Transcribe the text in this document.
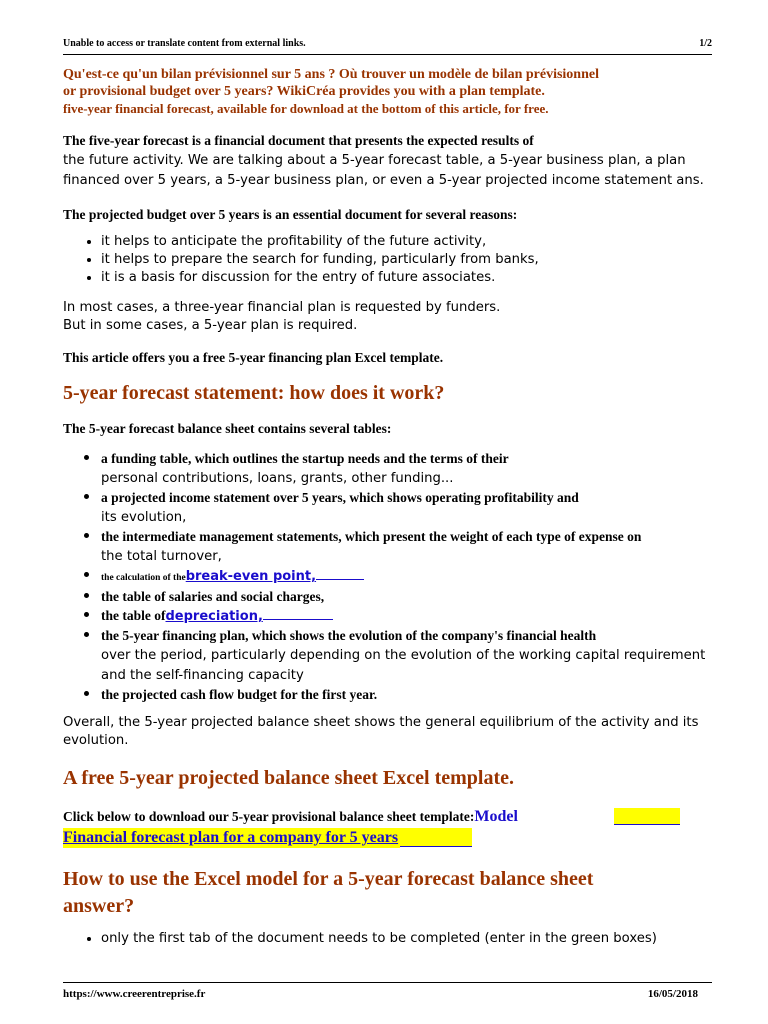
Unable to access or translate content from external links.	1/2
Qu'est-ce qu'un bilan prévisionnel sur 5 ans ? Où trouver un modèle de bilan prévisionnel
or provisional budget over 5 years? WikiCréa provides you with a plan template.
five-year financial forecast, available for download at the bottom of this article, for free.

The five-year forecast is a financial document that presents the expected results of
the future activity. We are talking about a 5-year forecast table, a 5-year business plan, a plan financed over 5 years, a 5-year business plan, or even a 5-year projected income statement ans.

The projected budget over 5 years is an essential document for several reasons:

• it helps to anticipate the profitability of the future activity,
• it helps to prepare the search for funding, particularly from banks,
• it is a basis for discussion for the entry of future associates.

In most cases, a three-year financial plan is requested by funders. But in some cases, a 5-year plan is required.

This article offers you a free 5-year financing plan Excel template.

5-year forecast statement: how does it work?

The 5-year forecast balance sheet contains several tables:

• a funding table, which outlines the startup needs and the terms of their
personal contributions, loans, grants, other funding...
• a projected income statement over 5 years, which shows operating profitability and
its evolution,
• the intermediate management statements, which present the weight of each type of expense on
the total turnover,
• the calculation of thebreak-even point,
• the table of salaries and social charges,
• the table ofdepreciation,
• the 5-year financing plan, which shows the evolution of the company's financial health
over the period, particularly depending on the evolution of the working capital requirement and the self-financing capacity
• the projected cash flow budget for the first year.

Overall, the 5-year projected balance sheet shows the general equilibrium of the activity and its evolution.

A free 5-year projected balance sheet Excel template.
Click below to download our 5-year provisional balance sheet template:Model
Financial forecast plan for a company for 5 years
How to use the Excel model for a 5-year forecast balance sheet answer?
• only the first tab of the document needs to be completed (enter in the green boxes)
https://www.creerentreprise.fr	16/05/2018
